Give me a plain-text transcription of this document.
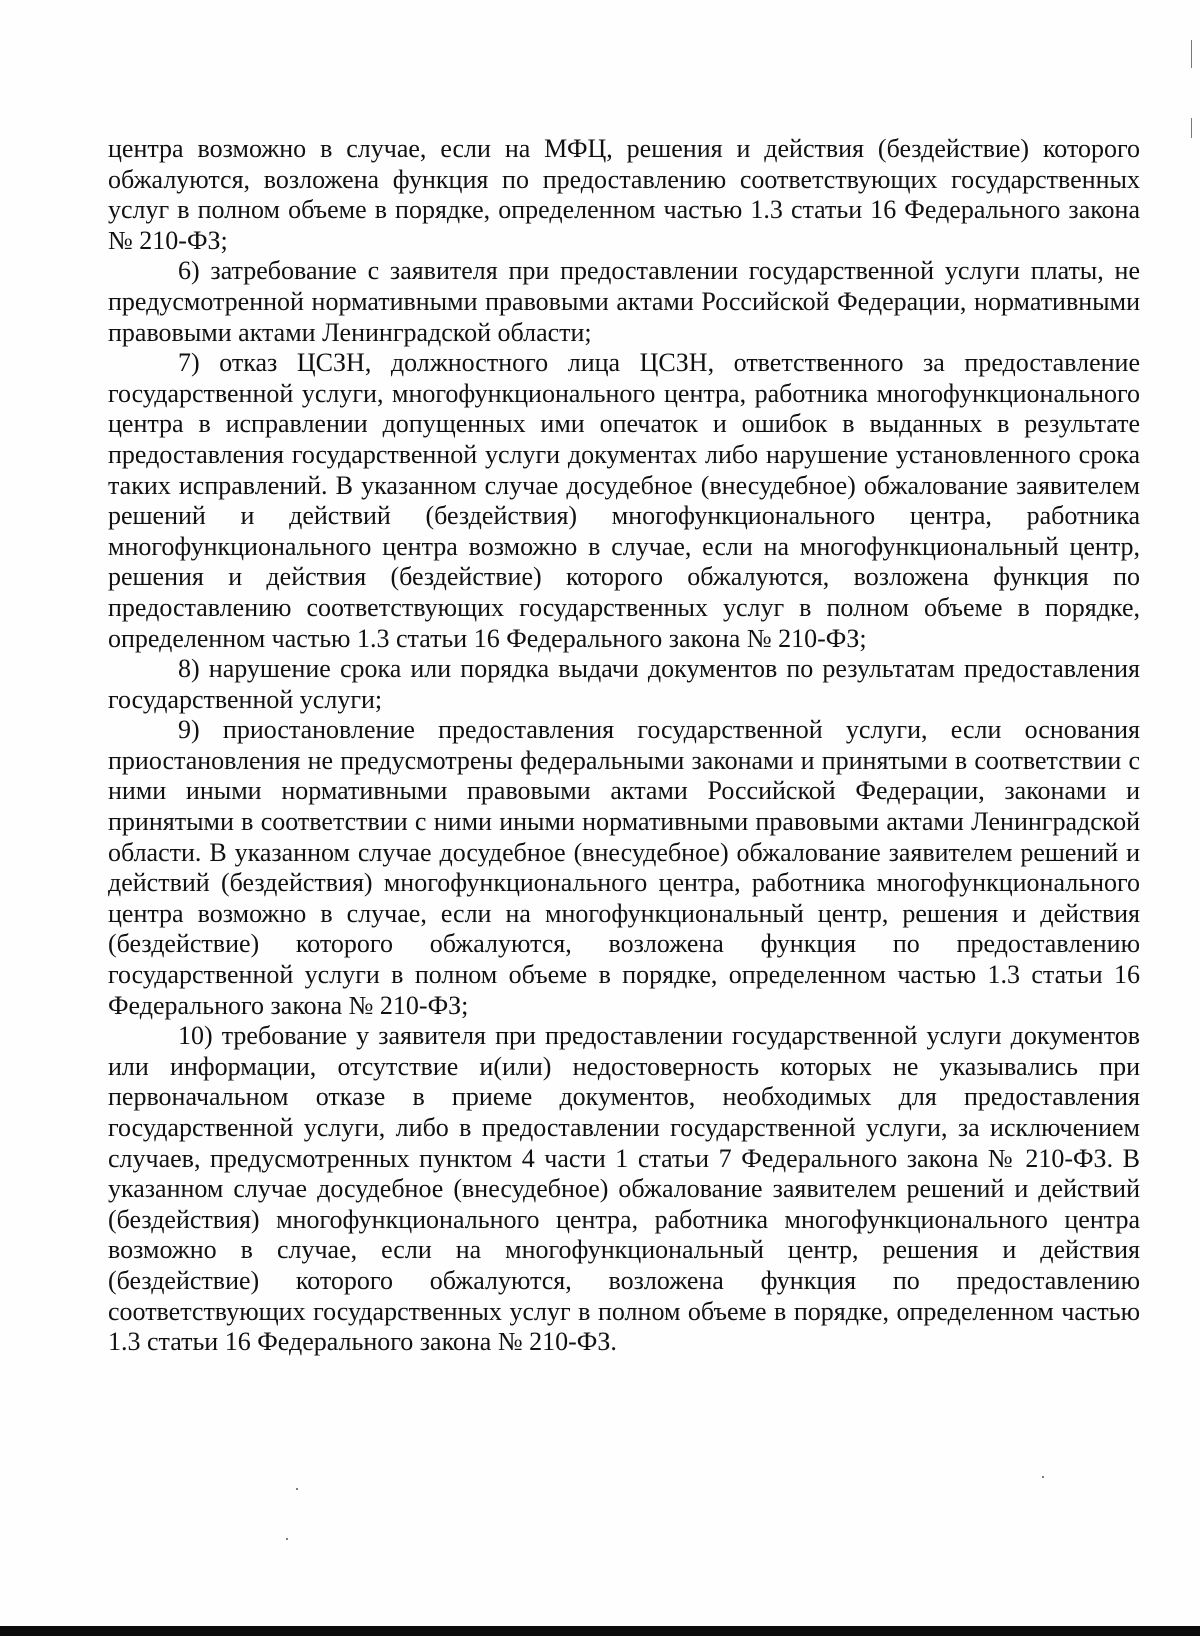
центра возможно в случае, если на МФЦ, решения и действия (бездействие) которого обжалуются, возложена функция по предоставлению соответствующих государственных услуг в полном объеме в порядке, определенном частью 1.3 статьи 16 Федерального закона № 210-ФЗ;

6) затребование с заявителя при предоставлении государственной услуги платы, не предусмотренной нормативными правовыми актами Российской Федерации, нормативными правовыми актами Ленинградской области;

7) отказ ЦСЗН, должностного лица ЦСЗН, ответственного за предоставление государственной услуги, многофункционального центра, работника многофункционального центра в исправлении допущенных ими опечаток и ошибок в выданных в результате предоставления государственной услуги документах либо нарушение установленного срока таких исправлений. В указанном случае досудебное (внесудебное) обжалование заявителем решений и действий (бездействия) многофункционального центра, работника многофункционального центра возможно в случае, если на многофункциональный центр, решения и действия (бездействие) которого обжалуются, возложена функция по предоставлению соответствующих государственных услуг в полном объеме в порядке, определенном частью 1.3 статьи 16 Федерального закона № 210-ФЗ;

8) нарушение срока или порядка выдачи документов по результатам предоставления государственной услуги;

9) приостановление предоставления государственной услуги, если основания приостановления не предусмотрены федеральными законами и принятыми в соответствии с ними иными нормативными правовыми актами Российской Федерации, законами и принятыми в соответствии с ними иными нормативными правовыми актами Ленинградской области. В указанном случае досудебное (внесудебное) обжалование заявителем решений и действий (бездействия) многофункционального центра, работника многофункционального центра возможно в случае, если на многофункциональный центр, решения и действия (бездействие) которого обжалуются, возложена функция по предоставлению государственной услуги в полном объеме в порядке, определенном частью 1.3 статьи 16 Федерального закона № 210-ФЗ;

10) требование у заявителя при предоставлении государственной услуги документов или информации, отсутствие и(или) недостоверность которых не указывались при первоначальном отказе в приеме документов, необходимых для предоставления государственной услуги, либо в предоставлении государственной услуги, за исключением случаев, предусмотренных пунктом 4 части 1 статьи 7 Федерального закона № 210-ФЗ. В указанном случае досудебное (внесудебное) обжалование заявителем решений и действий (бездействия) многофункционального центра, работника многофункционального центра возможно в случае, если на многофункциональный центр, решения и действия (бездействие) которого обжалуются, возложена функция по предоставлению соответствующих государственных услуг в полном объеме в порядке, определенном частью 1.3 статьи 16 Федерального закона № 210-ФЗ.
